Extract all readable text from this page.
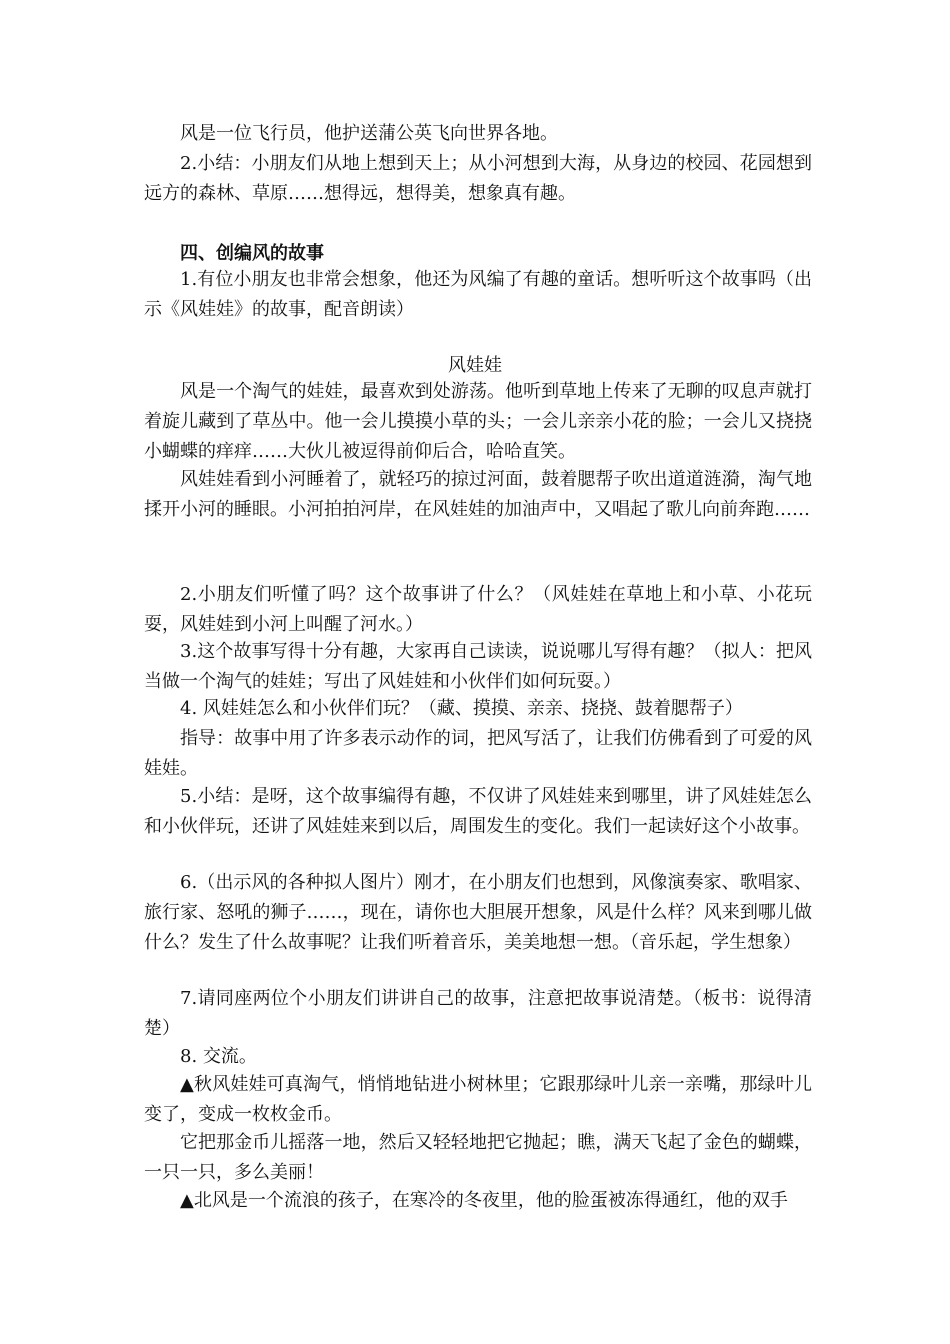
风是一位飞行员，他护送蒲公英飞向世界各地。

2.小结：小朋友们从地上想到天上；从小河想到大海，从身边的校园、花园想到远方的森林、草原……想得远，想得美，想象真有趣。

四、创编风的故事

1.有位小朋友也非常会想象，他还为风编了有趣的童话。想听听这个故事吗（出示《风娃娃》的故事，配音朗读）

风娃娃

风是一个淘气的娃娃，最喜欢到处游荡。他听到草地上传来了无聊的叹息声就打着旋儿藏到了草丛中。他一会儿摸摸小草的头；一会儿亲亲小花的脸；一会儿又挠挠小蝴蝶的痒痒……大伙儿被逗得前仰后合，哈哈直笑。

风娃娃看到小河睡着了，就轻巧的掠过河面，鼓着腮帮子吹出道道涟漪，淘气地揉开小河的睡眼。小河拍拍河岸，在风娃娃的加油声中，又唱起了歌儿向前奔跑……

2.小朋友们听懂了吗？这个故事讲了什么？（风娃娃在草地上和小草、小花玩耍，风娃娃到小河上叫醒了河水。）

3.这个故事写得十分有趣，大家再自己读读，说说哪儿写得有趣？（拟人：把风当做一个淘气的娃娃；写出了风娃娃和小伙伴们如何玩耍。）

4. 风娃娃怎么和小伙伴们玩？（藏、摸摸、亲亲、挠挠、鼓着腮帮子）

指导：故事中用了许多表示动作的词，把风写活了，让我们仿佛看到了可爱的风娃娃。

5.小结：是呀，这个故事编得有趣，不仅讲了风娃娃来到哪里，讲了风娃娃怎么和小伙伴玩，还讲了风娃娃来到以后，周围发生的变化。我们一起读好这个小故事。

6.（出示风的各种拟人图片）刚才，在小朋友们也想到，风像演奏家、歌唱家、旅行家、怒吼的狮子……，现在，请你也大胆展开想象，风是什么样？风来到哪儿做什么？发生了什么故事呢？让我们听着音乐，美美地想一想。（音乐起，学生想象）

7.请同座两位个小朋友们讲讲自己的故事，注意把故事说清楚。（板书：说得清楚）

8. 交流。

▲秋风娃娃可真淘气，悄悄地钻进小树林里；它跟那绿叶儿亲一亲嘴，那绿叶儿变了，变成一枚枚金币。

它把那金币儿摇落一地，然后又轻轻地把它抛起；瞧，满天飞起了金色的蝴蝶，一只一只，多么美丽！

▲北风是一个流浪的孩子，在寒冷的冬夜里，他的脸蛋被冻得通红，他的双手
